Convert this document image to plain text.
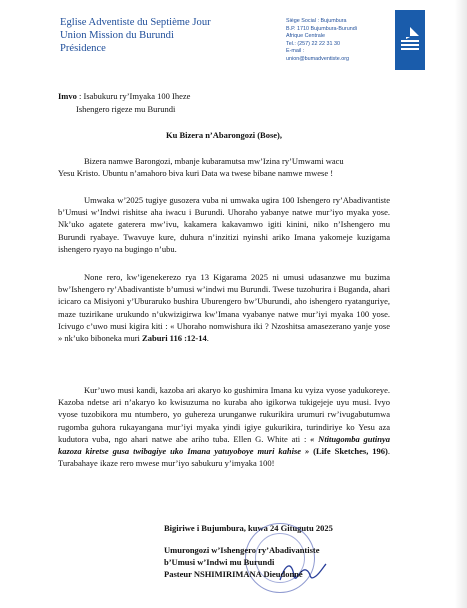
Eglise Adventiste du Septième Jour
Union Mission du Burundi
Présidence
Siège Social : Bujumbura
B.P. 1710 Bujumbura-Burundi
Afrique Centrale
Tel.: (257) 22 22 31 30
E-mail :
union@bumadventiste.org
Imvo : Isabukuru ry’Imyaka 100 Iheze
Ishengero rigeze mu Burundi
Ku Bizera n’Abarongozi (Bose),
Bizera namwe Barongozi, mbanje kubaramutsa mw’Izina ry’Umwami wacu
Yesu Kristo. Ubuntu n’amahoro biva kuri Data wa twese bibane namwe mwese !
Umwaka w’2025 tugiye gusozera vuba ni umwaka ugira 100 Ishengero ry’Abadivantiste b’Umusi w’Indwi rishitse aha iwacu i Burundi. Uhoraho yabanye natwe mur’iyo myaka yose. Nk’uko agatete gaterera mw’ivu, kakamera kakavamwo igiti kinini, niko n’Ishengero mu Burundi ryabaye. Twavuye kure, duhura n’inzitizi nyinshi ariko Imana yakomeje kuzigama ishengero ryayo na bugingo n’ubu.
None rero, kw’igenekerezo rya 13 Kigarama 2025 ni umusi udasanzwe mu buzima bw’Ishengero ry’Abadivantiste b’umusi w’indwi mu Burundi. Twese tuzohurira i Buganda, ahari icicaro ca Misiyoni y’Uburaruko bushira Uburengero bw’Uburundi, aho ishengero ryatanguriye, maze tuzirikane urukundo n’ukwizigirwa kw’Imana vyabanye natwe mur’iyi myaka 100 yose. Icivugo c’uwo musi kigira kiti : « Uhoraho nomwishura iki ? Nzoshitsa amasezerano yanje yose » nk’uko biboneka muri Zaburi 116 :12-14.
Kur’uwo musi kandi, kazoba ari akaryo ko gushimira Imana ku vyiza vyose yadukoreye. Kazoba ndetse ari n’akaryo ko kwisuzuma no kuraba aho igikorwa tukigejeje uyu musi. Ivyo vyose tuzobikora mu ntumbero, yo guhereza urunganwe rukurikira urumuri rw’ivugabutumwa rugomba guhora rukayangana mur’iyi myaka yindi igiye gukurikira, turindiriye ko Yesu aza kudutora vuba, ngo ahari natwe abe ariho tuba. Ellen G. White ati : « Ntitugomba gutinya kazoza kiretse gusa twibagiye uko Imana yatuyoboye muri kahise » (Life Sketches, 196). Turabahaye ikaze rero mwese mur’iyo sabukuru y’imyaka 100!
Bigiriwe i Bujumbura, kuwa 24 Gitugutu 2025
Umurongozi w’Ishengero ry’Abadivantiste
b’Umusi w’Indwi mu Burundi
Pasteur NSHIMIRIMANA Dieudonné
